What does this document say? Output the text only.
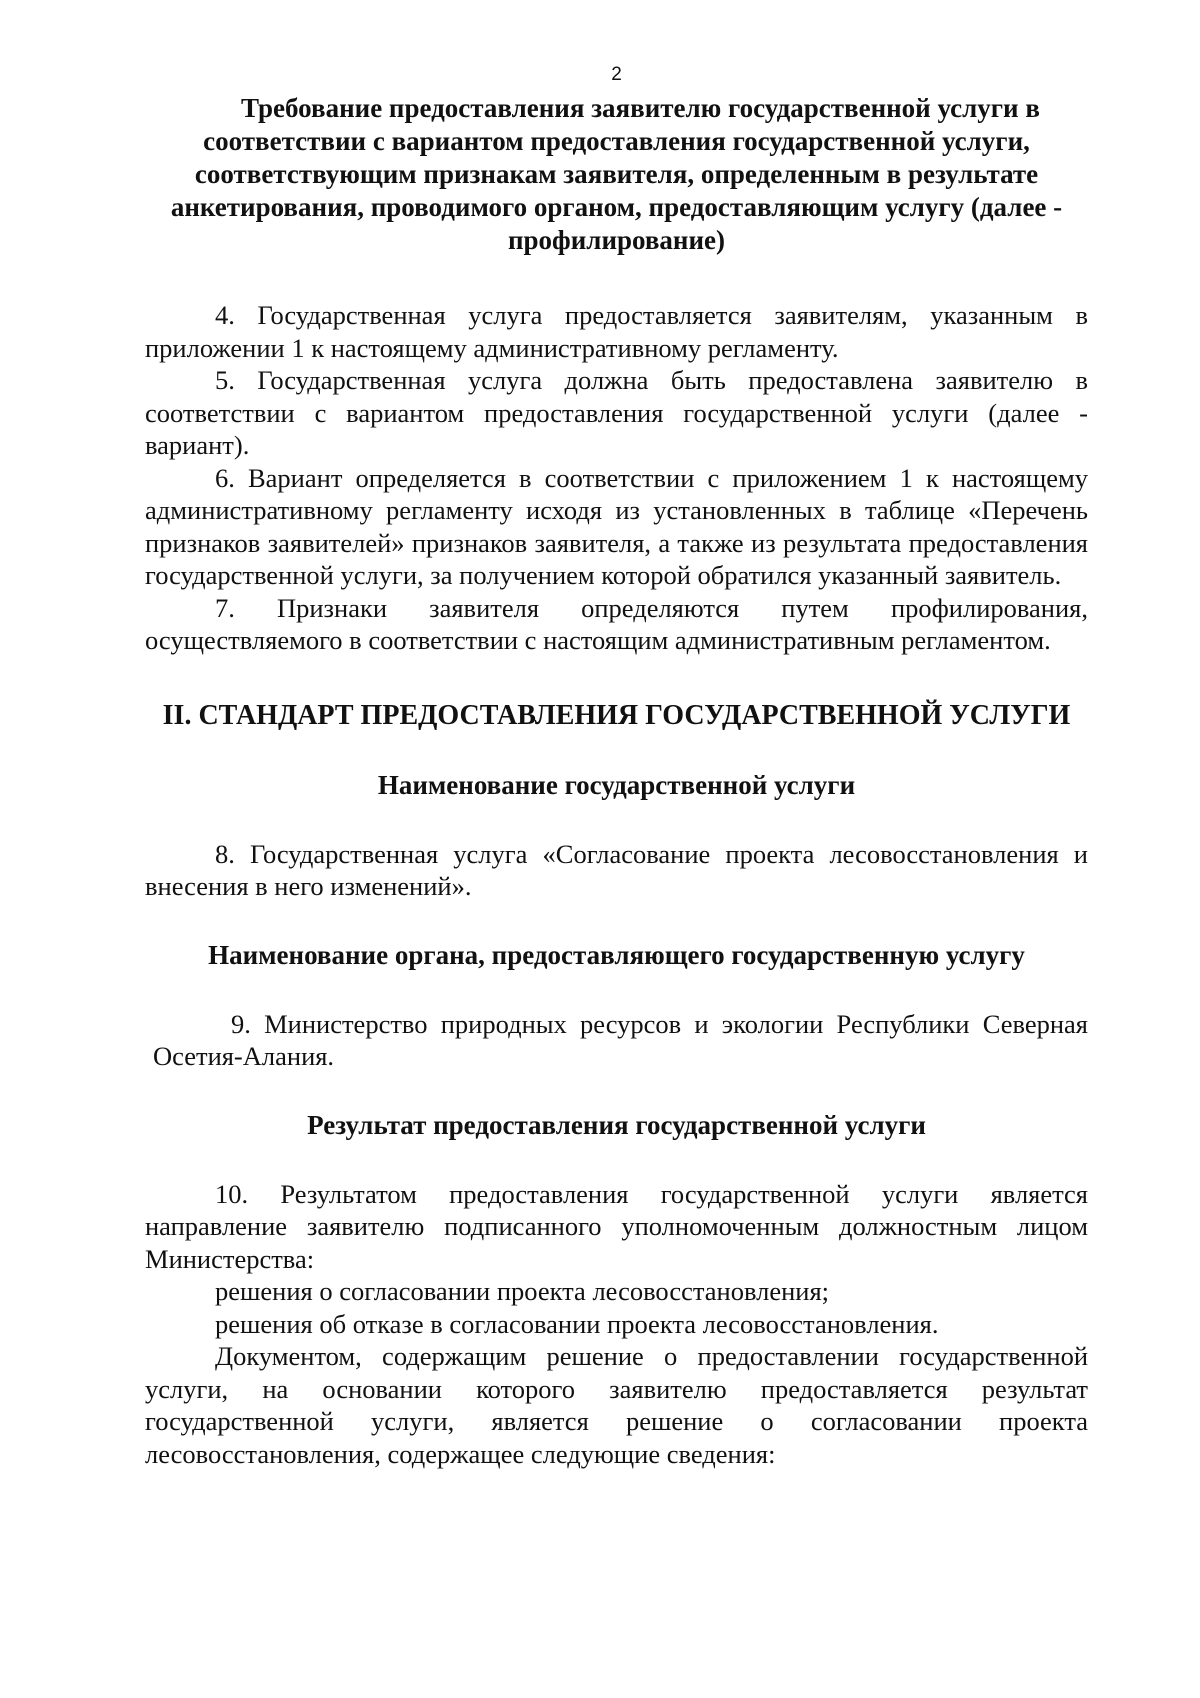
2
Требование предоставления заявителю государственной услуги в соответствии с вариантом предоставления государственной услуги, соответствующим признакам заявителя, определенным в результате анкетирования, проводимого органом, предоставляющим услугу (далее - профилирование)

4. Государственная услуга предоставляется заявителям, указанным в приложении 1 к настоящему административному регламенту.

5. Государственная услуга должна быть предоставлена заявителю в соответствии с вариантом предоставления государственной услуги (далее - вариант).

6. Вариант определяется в соответствии с приложением 1 к настоящему административному регламенту исходя из установленных в таблице «Перечень признаков заявителей» признаков заявителя, а также из результата предоставления государственной услуги, за получением которой обратился указанный заявитель.

7. Признаки заявителя определяются путем профилирования, осуществляемого в соответствии с настоящим административным регламентом.

II. СТАНДАРТ ПРЕДОСТАВЛЕНИЯ ГОСУДАРСТВЕННОЙ УСЛУГИ
Наименование государственной услуги

8. Государственная услуга «Согласование проекта лесовосстановления и внесения в него изменений».

Наименование органа, предоставляющего государственную услугу

9. Министерство природных ресурсов и экологии Республики Северная Осетия-Алания.

Результат предоставления государственной услуги

10. Результатом предоставления государственной услуги является направление заявителю подписанного уполномоченным должностным лицом Министерства:

решения о согласовании проекта лесовосстановления;

решения об отказе в согласовании проекта лесовосстановления.

Документом, содержащим решение о предоставлении государственной услуги, на основании которого заявителю предоставляется результат государственной услуги, является решение о согласовании проекта лесовосстановления, содержащее следующие сведения:
